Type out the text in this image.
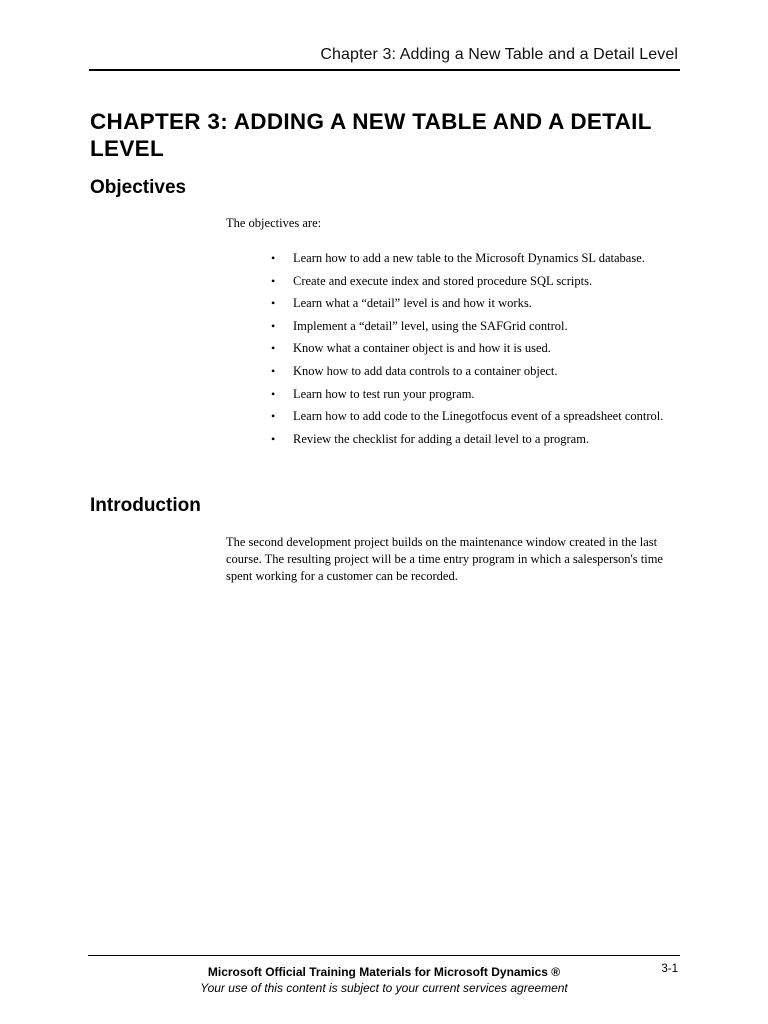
Chapter 3: Adding a New Table and a Detail Level
CHAPTER 3: ADDING A NEW TABLE AND A DETAIL LEVEL
Objectives

The objectives are:

• Learn how to add a new table to the Microsoft Dynamics SL database.
• Create and execute index and stored procedure SQL scripts.
• Learn what a “detail” level is and how it works.
• Implement a “detail” level, using the SAFGrid control.
• Know what a container object is and how it is used.
• Know how to add data controls to a container object.
• Learn how to test run your program.
• Learn how to add code to the Linegotfocus event of a spreadsheet control.
• Review the checklist for adding a detail level to a program.
Introduction

The second development project builds on the maintenance window created in the last course. The resulting project will be a time entry program in which a salesperson's time spent working for a customer can be recorded.

Microsoft Official Training Materials for Microsoft Dynamics ®
Your use of this content is subject to your current services agreement
3-1
